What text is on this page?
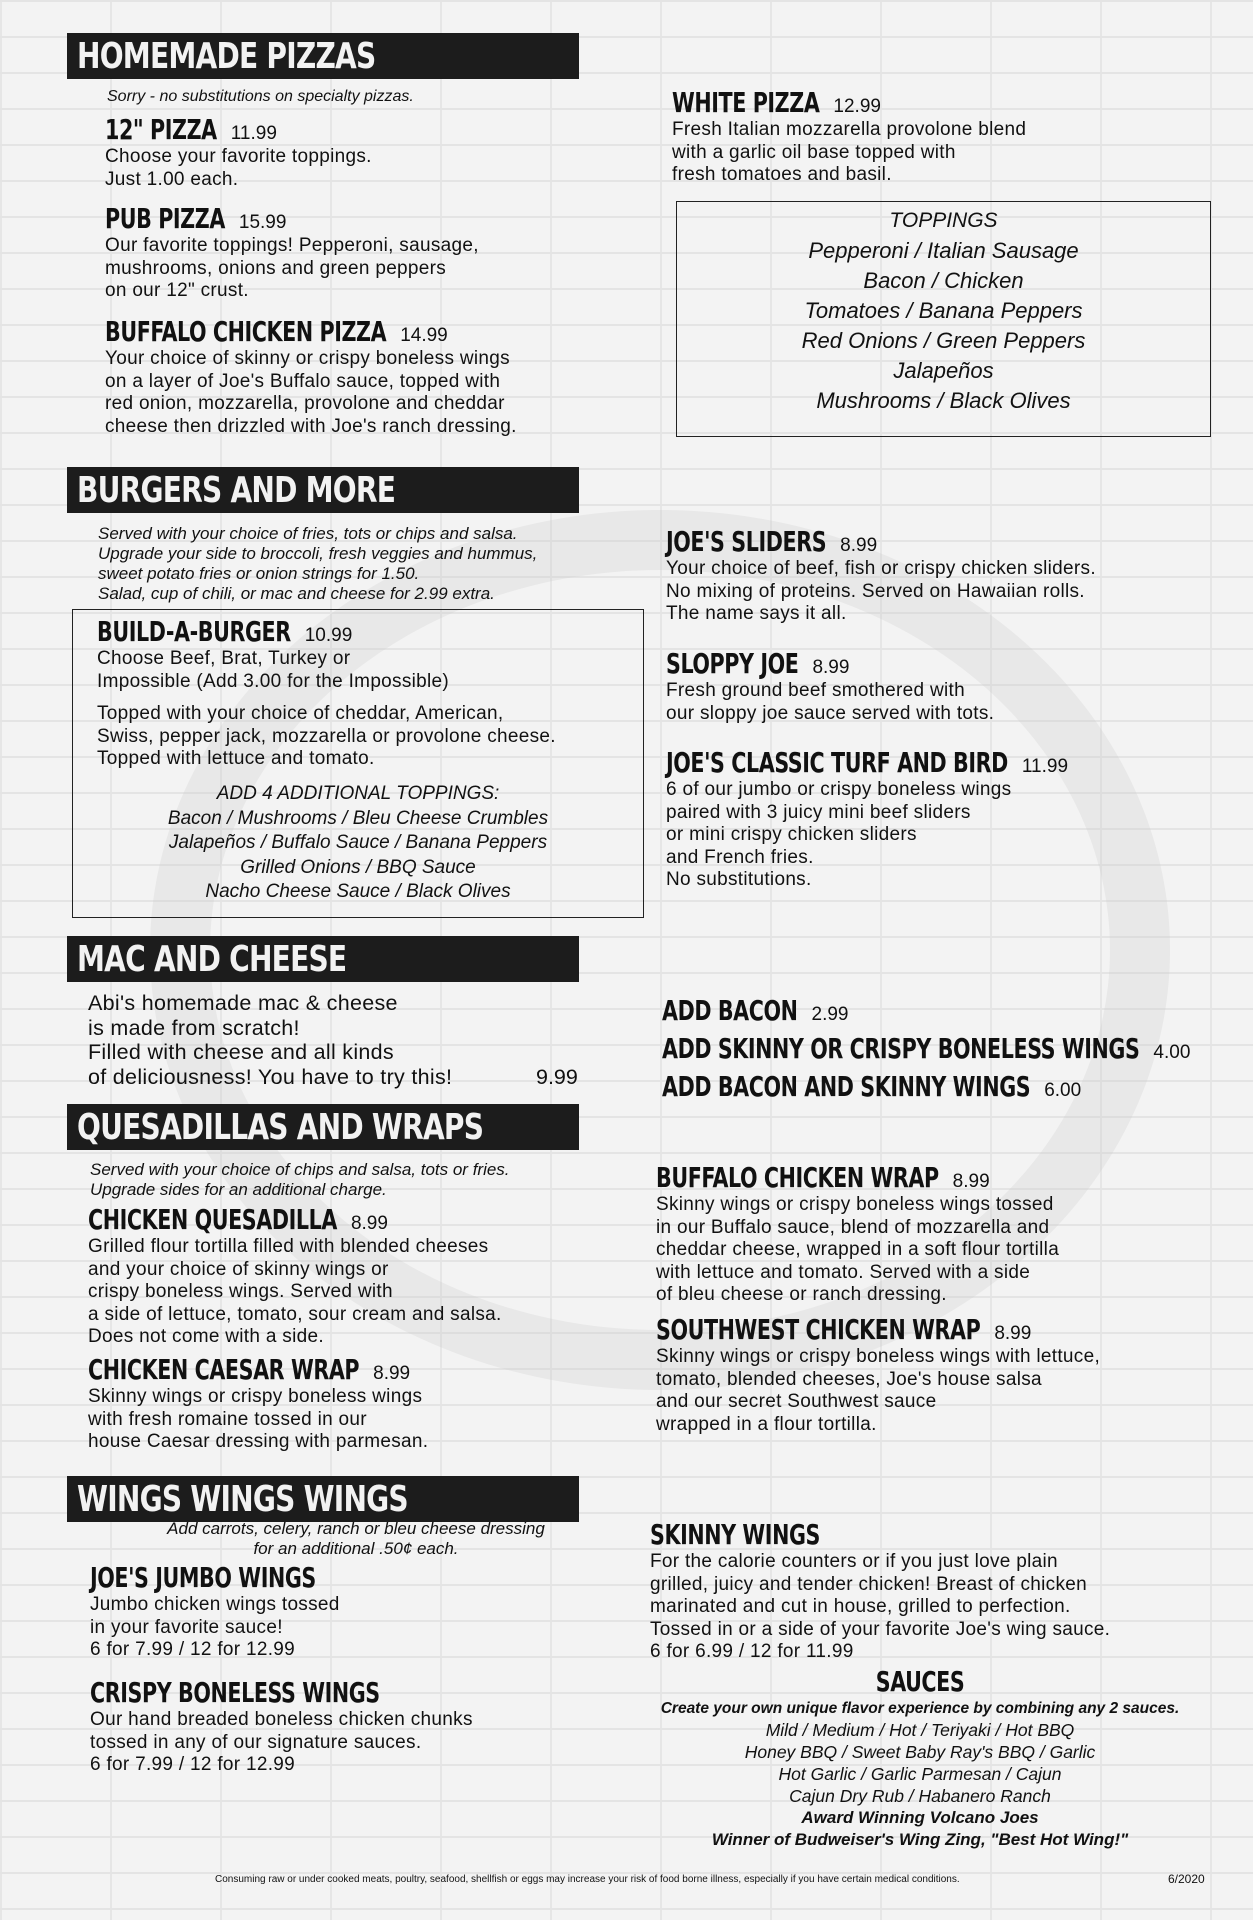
HOMEMADE PIZZAS
Sorry - no substitutions on specialty pizzas.
12" PIZZA 11.99
Choose your favorite toppings.
Just 1.00 each.
PUB PIZZA 15.99
Our favorite toppings! Pepperoni, sausage,
mushrooms, onions and green peppers
on our 12" crust.
BUFFALO CHICKEN PIZZA 14.99
Your choice of skinny or crispy boneless wings
on a layer of Joe's Buffalo sauce, topped with
red onion, mozzarella, provolone and cheddar
cheese then drizzled with Joe's ranch dressing.
WHITE PIZZA 12.99
Fresh Italian mozzarella provolone blend
with a garlic oil base topped with
fresh tomatoes and basil.
TOPPINGS
Pepperoni / Italian Sausage
Bacon / Chicken
Tomatoes / Banana Peppers
Red Onions / Green Peppers
Jalapeños
Mushrooms / Black Olives
BURGERS AND MORE
Served with your choice of fries, tots or chips and salsa.
Upgrade your side to broccoli, fresh veggies and hummus,
sweet potato fries or onion strings for 1.50.
Salad, cup of chili, or mac and cheese for 2.99 extra.
BUILD-A-BURGER 10.99
Choose Beef, Brat, Turkey or
Impossible (Add 3.00 for the Impossible)
Topped with your choice of cheddar, American,
Swiss, pepper jack, mozzarella or provolone cheese.
Topped with lettuce and tomato.
ADD 4 ADDITIONAL TOPPINGS:
Bacon / Mushrooms / Bleu Cheese Crumbles
Jalapeños / Buffalo Sauce / Banana Peppers
Grilled Onions / BBQ Sauce
Nacho Cheese Sauce / Black Olives
JOE'S SLIDERS 8.99
Your choice of beef, fish or crispy chicken sliders.
No mixing of proteins. Served on Hawaiian rolls.
The name says it all.
SLOPPY JOE 8.99
Fresh ground beef smothered with
our sloppy joe sauce served with tots.
JOE'S CLASSIC TURF AND BIRD 11.99
6 of our jumbo or crispy boneless wings
paired with 3 juicy mini beef sliders
or mini crispy chicken sliders
and French fries.
No substitutions.
MAC AND CHEESE
Abi's homemade mac & cheese
is made from scratch!
Filled with cheese and all kinds
of deliciousness! You have to try this!	9.99
ADD BACON 2.99
ADD SKINNY OR CRISPY BONELESS WINGS 4.00
ADD BACON AND SKINNY WINGS 6.00
QUESADILLAS AND WRAPS
Served with your choice of chips and salsa, tots or fries.
Upgrade sides for an additional charge.
CHICKEN QUESADILLA 8.99
Grilled flour tortilla filled with blended cheeses
and your choice of skinny wings or
crispy boneless wings. Served with
a side of lettuce, tomato, sour cream and salsa.
Does not come with a side.
CHICKEN CAESAR WRAP 8.99
Skinny wings or crispy boneless wings
with fresh romaine tossed in our
house Caesar dressing with parmesan.
BUFFALO CHICKEN WRAP 8.99
Skinny wings or crispy boneless wings tossed
in our Buffalo sauce, blend of mozzarella and
cheddar cheese, wrapped in a soft flour tortilla
with lettuce and tomato. Served with a side
of bleu cheese or ranch dressing.
SOUTHWEST CHICKEN WRAP 8.99
Skinny wings or crispy boneless wings with lettuce,
tomato, blended cheeses, Joe's house salsa
and our secret Southwest sauce
wrapped in a flour tortilla.
WINGS WINGS WINGS
Add carrots, celery, ranch or bleu cheese dressing
for an additional .50¢ each.
JOE'S JUMBO WINGS
Jumbo chicken wings tossed
in your favorite sauce!
6 for 7.99 / 12 for 12.99
CRISPY BONELESS WINGS
Our hand breaded boneless chicken chunks
tossed in any of our signature sauces.
6 for 7.99 / 12 for 12.99
SKINNY WINGS
For the calorie counters or if you just love plain
grilled, juicy and tender chicken! Breast of chicken
marinated and cut in house, grilled to perfection.
Tossed in or a side of your favorite Joe's wing sauce.
6 for 6.99 / 12 for 11.99
SAUCES
Create your own unique flavor experience by combining any 2 sauces.
Mild / Medium / Hot / Teriyaki / Hot BBQ
Honey BBQ / Sweet Baby Ray's BBQ / Garlic
Hot Garlic / Garlic Parmesan / Cajun
Cajun Dry Rub / Habanero Ranch
Award Winning Volcano Joes
Winner of Budweiser's Wing Zing, "Best Hot Wing!"
Consuming raw or under cooked meats, poultry, seafood, shellfish or eggs may increase your risk of food borne illness, especially if you have certain medical conditions.	6/2020
